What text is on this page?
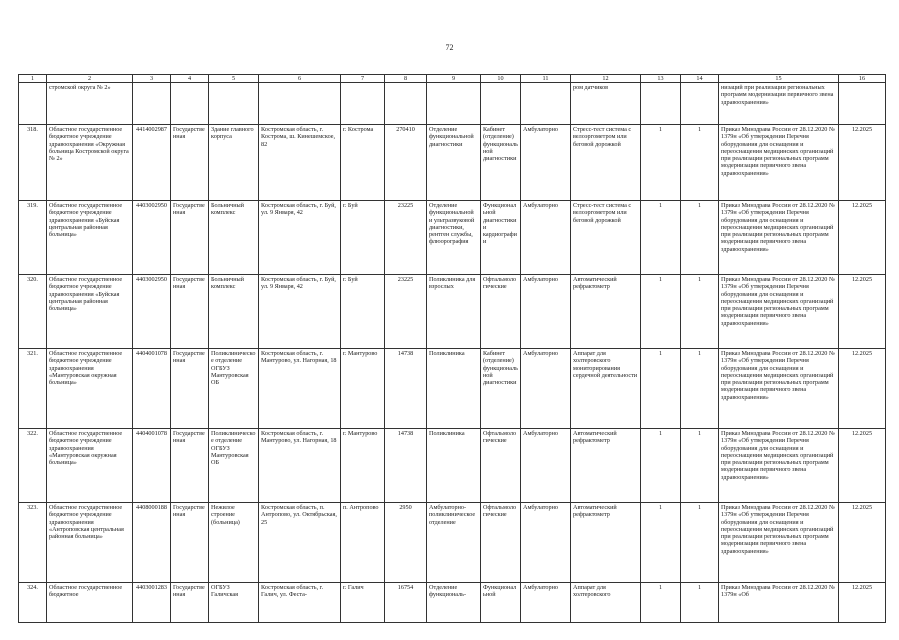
72
1	2	3	4	5	6	7	8	9	10	11	12	13	14	15	16
	стромской округа № 2»										ром датчиков			низаций при реализации региональных программ модернизации первичного звена здравоохранения»	
318.	Областное государственное бюджетное учреждение здравоохранения «Окружная больница Костромской округа № 2»	4414002987	Государственная	Здание главного корпуса	Костромская область, г. Кострома, ш. Кинешемское, 82	г. Кострома	270410	Отделение функциональной диагностики	Кабинет (отделение) функциональной диагностики	Амбулаторно	Стресс-тест система с велоэргометром или беговой дорожкой	1	1	Приказ Минздрава России от 28.12.2020 № 1379н «Об утверждении Перечня оборудования для оснащения и переоснащения медицинских организаций при реализации региональных программ модернизации первичного звена здравоохранения»	12.2025
319.	Областное государственное бюджетное учреждение здравоохранения «Буйская центральная районная больница»	4403002950	Государственная	Больничный комплекс	Костромская область, г. Буй, ул. 9 Января, 42	г. Буй	23225	Отделение функциональной и ультразвуковой диагностики, рентген службы, флюорография	Функциональной диагностики и кардиографии	Амбулаторно	Стресс-тест система с велоэргометром или беговой дорожкой	1	1	Приказ Минздрава России от 28.12.2020 № 1379н «Об утверждении Перечня оборудования для оснащения и переоснащения медицинских организаций при реализации региональных программ модернизации первичного звена здравоохранения»	12.2025
320.	Областное государственное бюджетное учреждение здравоохранения «Буйская центральная районная больница»	4403002950	Государственная	Больничный комплекс	Костромская область, г. Буй, ул. 9 Января, 42	г. Буй	23225	Поликлиника для взрослых	Офтальмологические	Амбулаторно	Автоматический рефрактометр	1	1	Приказ Минздрава России от 28.12.2020 № 1379н «Об утверждении Перечня оборудования для оснащения и переоснащения медицинских организаций при реализации региональных программ модернизации первичного звена здравоохранения»	12.2025
321.	Областное государственное бюджетное учреждение здравоохранения «Мантуровская окружная больница»	4404001078	Государственная	Поликлиническое отделение ОГБУЗ Мантуровская ОБ	Костромская область, г. Мантурово, ул. Нагорная, 18	г. Мантурово	14738	Поликлиника	Кабинет (отделение) функциональной диагностики	Амбулаторно	Аппарат для холтеровского мониторирования сердечной деятельности	1	1	Приказ Минздрава России от 28.12.2020 № 1379н «Об утверждении Перечня оборудования для оснащения и переоснащения медицинских организаций при реализации региональных программ модернизации первичного звена здравоохранения»	12.2025
322.	Областное государственное бюджетное учреждение здравоохранения «Мантуровская окружная больница»	4404001078	Государственная	Поликлиническое отделение ОГБУЗ Мантуровская ОБ	Костромская область, г. Мантурово, ул. Нагорная, 18	г. Мантурово	14738	Поликлиника	Офтальмологические	Амбулаторно	Автоматический рефрактометр	1	1	Приказ Минздрава России от 28.12.2020 № 1379н «Об утверждении Перечня оборудования для оснащения и переоснащения медицинских организаций при реализации региональных программ модернизации первичного звена здравоохранения»	12.2025
323.	Областное государственное бюджетное учреждение здравоохранения «Антроповская центральная районная больница»	4408000188	Государственная	Нежилое строение (больница)	Костромская область, п. Антропово, ул. Октябрьская, 25	п. Антропово	2950	Амбулаторно-поликлиническое отделение	Офтальмологические	Амбулаторно	Автоматический рефрактометр	1	1	Приказ Минздрава России от 28.12.2020 № 1379н «Об утверждении Перечня оборудования для оснащения и переоснащения медицинских организаций при реализации региональных программ модернизации первичного звена здравоохранения»	12.2025
324.	Областное государственное бюджетное	4403001283	Государственная	ОГБУЗ Галичская	Костромская область, г. Галич, ул. Феста-	г. Галич	16754	Отделение функциональ-	Функциональной	Амбулаторно	Аппарат для холтеровского	1	1	Приказ Минздрава России от 28.12.2020 № 1379н «Об	12.2025
